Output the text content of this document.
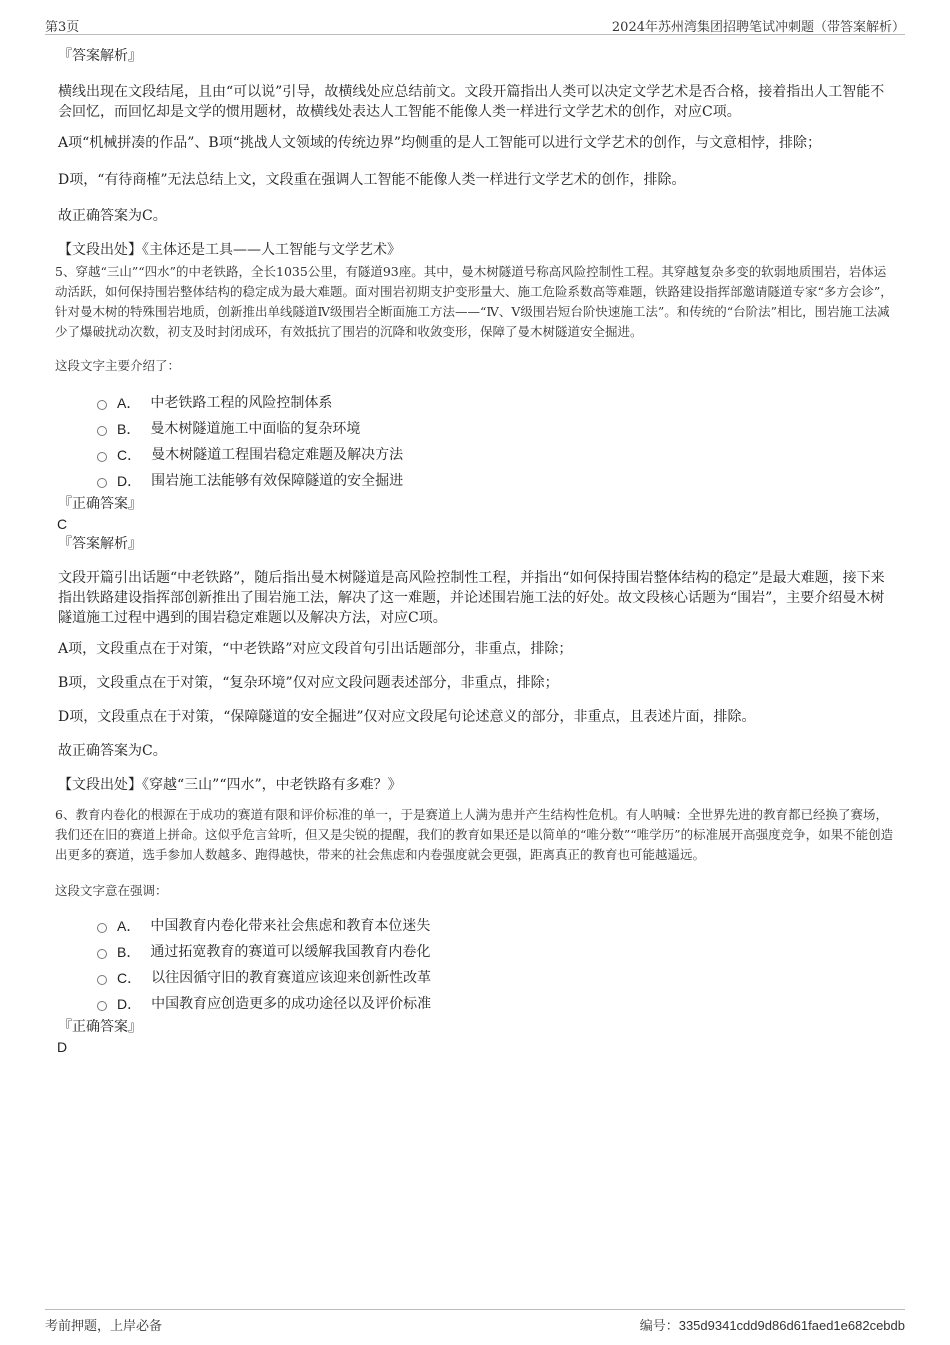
第3页	2024年苏州湾集团招聘笔试冲刺题（带答案解析）
『答案解析』

横线出现在文段结尾，且由“可以说”引导，故横线处应总结前文。文段开篇指出人类可以决定文学艺术是否合格，接着指出人工智能不会回忆，而回忆却是文学的惯用题材，故横线处表达人工智能不能像人类一样进行文学艺术的创作，对应C项。

A项“机械拼凑的作品”、B项“挑战人文领域的传统边界”均侧重的是人工智能可以进行文学艺术的创作，与文意相悖，排除；

D项，“有待商榷”无法总结上文，文段重在强调人工智能不能像人类一样进行文学艺术的创作，排除。

故正确答案为C。

【文段出处】《主体还是工具——人工智能与文学艺术》

5、穿越“三山”“四水”的中老铁路，全长1035公里，有隧道93座。其中，曼木树隧道号称高风险控制性工程。其穿越复杂多变的软弱地质围岩，岩体运动活跃，如何保持围岩整体结构的稳定成为最大难题。面对围岩初期支护变形量大、施工危险系数高等难题，铁路建设指挥部邀请隧道专家“多方会诊”，针对曼木树的特殊围岩地质，创新推出单线隧道Ⅳ级围岩全断面施工方法——“Ⅳ、Ⅴ级围岩短台阶快速施工法”。和传统的“台阶法”相比，围岩施工法减少了爆破扰动次数，初支及时封闭成环，有效抵抗了围岩的沉降和收敛变形，保障了曼木树隧道安全掘进。

这段文字主要介绍了：

A． 中老铁路工程的风险控制体系
B． 曼木树隧道施工中面临的复杂环境
C． 曼木树隧道工程围岩稳定难题及解决方法
D． 围岩施工法能够有效保障隧道的安全掘进
『正确答案』
C
『答案解析』

文段开篇引出话题“中老铁路”，随后指出曼木树隧道是高风险控制性工程，并指出“如何保持围岩整体结构的稳定”是最大难题，接下来指出铁路建设指挥部创新推出了围岩施工法，解决了这一难题，并论述围岩施工法的好处。故文段核心话题为“围岩”，主要介绍曼木树隧道施工过程中遇到的围岩稳定难题以及解决方法，对应C项。

A项，文段重点在于对策，“中老铁路”对应文段首句引出话题部分，非重点，排除；

B项，文段重点在于对策，“复杂环境”仅对应文段问题表述部分，非重点，排除；

D项，文段重点在于对策，“保障隧道的安全掘进”仅对应文段尾句论述意义的部分，非重点，且表述片面，排除。

故正确答案为C。

【文段出处】《穿越“三山”“四水”，中老铁路有多难？》

6、教育内卷化的根源在于成功的赛道有限和评价标准的单一，于是赛道上人满为患并产生结构性危机。有人呐喊：全世界先进的教育都已经换了赛场，我们还在旧的赛道上拼命。这似乎危言耸听，但又是尖锐的提醒，我们的教育如果还是以简单的“唯分数”“唯学历”的标准展开高强度竞争，如果不能创造出更多的赛道，选手参加人数越多、跑得越快，带来的社会焦虑和内卷强度就会更强，距离真正的教育也可能越遥远。

这段文字意在强调：

A． 中国教育内卷化带来社会焦虑和教育本位迷失
B． 通过拓宽教育的赛道可以缓解我国教育内卷化
C． 以往因循守旧的教育赛道应该迎来创新性改革
D． 中国教育应创造更多的成功途径以及评价标准
『正确答案』
D
考前押题，上岸必备	编号：335d9341cdd9d86d61faed1e682cebdb
